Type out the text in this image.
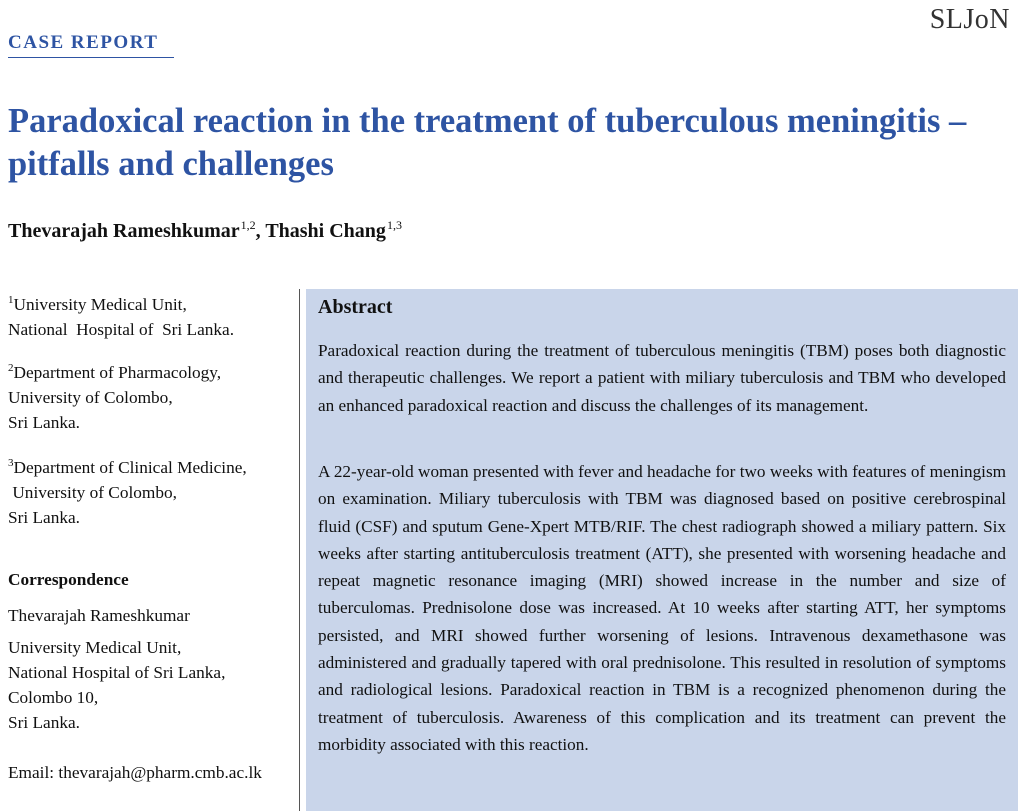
SLJoN
CASE REPORT
Paradoxical reaction in the treatment of tuberculous meningitis – pitfalls and challenges
Thevarajah Rameshkumar$^{1,2}$, Thashi Chang$^{1,3}$
$^1$University Medical Unit,
National  Hospital of  Sri Lanka.
$^2$Department of Pharmacology,
University of Colombo,
Sri Lanka.
$^3$Department of Clinical Medicine,
University of Colombo,
Sri Lanka.
Correspondence
Thevarajah Rameshkumar
University Medical Unit,
National Hospital of Sri Lanka,
Colombo 10,
Sri Lanka.
Email: thevarajah@pharm.cmb.ac.lk
Abstract

Paradoxical reaction during the treatment of tuberculous meningitis (TBM) poses both diagnostic and therapeutic challenges. We report a patient with miliary tuberculosis and TBM who developed an enhanced paradoxical reaction and discuss the challenges of its management.

A 22-year-old woman presented with fever and headache for two weeks with features of meningism on examination. Miliary tuberculosis with TBM was diagnosed based on positive cerebrospinal fluid (CSF) and sputum Gene-Xpert MTB/RIF. The chest radiograph showed a miliary pattern. Six weeks after starting antituberculosis treatment (ATT), she presented with worsening headache and repeat magnetic resonance imaging (MRI) showed increase in the number and size of tuberculomas. Prednisolone dose was increased. At 10 weeks after starting ATT, her symptoms persisted, and MRI showed further worsening of lesions. Intravenous dexamethasone was administered and gradually tapered with oral prednisolone. This resulted in resolution of symptoms and radiological lesions. Paradoxical reaction in TBM is a recognized phenomenon during the treatment of tuberculosis. Awareness of this complication and its treatment can prevent the morbidity associated with this reaction.
